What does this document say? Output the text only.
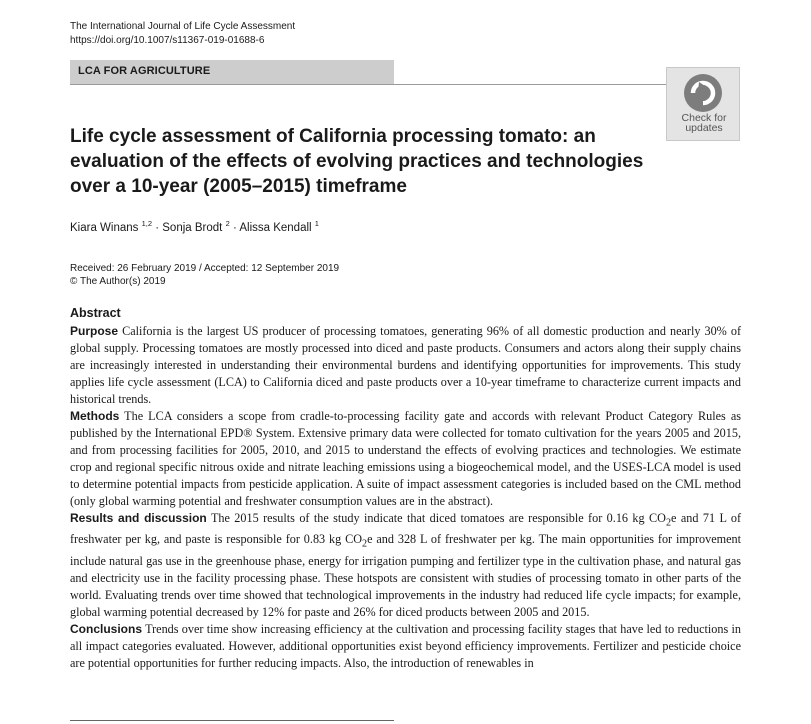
The International Journal of Life Cycle Assessment
https://doi.org/10.1007/s11367-019-01688-6
LCA FOR AGRICULTURE
Check for
updates
Life cycle assessment of California processing tomato: an evaluation of the effects of evolving practices and technologies over a 10-year (2005–2015) timeframe
Kiara Winans $^{1,2}$ · Sonja Brodt $^2$ · Alissa Kendall $^1$
Received: 26 February 2019 / Accepted: 12 September 2019
© The Author(s) 2019
Abstract

Purpose California is the largest US producer of processing tomatoes, generating 96% of all domestic production and nearly 30% of global supply. Processing tomatoes are mostly processed into diced and paste products. Consumers and actors along their supply chains are increasingly interested in understanding their environmental burdens and identifying opportunities for improvements. This study applies life cycle assessment (LCA) to California diced and paste products over a 10-year timeframe to characterize current impacts and historical trends.

Methods The LCA considers a scope from cradle-to-processing facility gate and accords with relevant Product Category Rules as published by the International EPD® System. Extensive primary data were collected for tomato cultivation for the years 2005 and 2015, and from processing facilities for 2005, 2010, and 2015 to understand the effects of evolving practices and technologies. We estimate crop and regional specific nitrous oxide and nitrate leaching emissions using a biogeochemical model, and the USES-LCA model is used to determine potential impacts from pesticide application. A suite of impact assessment categories is included based on the CML method (only global warming potential and freshwater consumption values are in the abstract).

Results and discussion The 2015 results of the study indicate that diced tomatoes are responsible for 0.16 kg $CO_2e$ and 71 L of freshwater per kg, and paste is responsible for 0.83 kg $CO_2e$ and 328 L of freshwater per kg. The main opportunities for improvement include natural gas use in the greenhouse phase, energy for irrigation pumping and fertilizer type in the cultivation phase, and natural gas and electricity use in the facility processing phase. These hotspots are consistent with studies of processing tomato in other parts of the world. Evaluating trends over time showed that technological improvements in the industry had reduced life cycle impacts; for example, global warming potential decreased by 12% for paste and 26% for diced products between 2005 and 2015.

Conclusions Trends over time show increasing efficiency at the cultivation and processing facility stages that have led to reductions in all impact categories evaluated. However, additional opportunities exist beyond efficiency improvements. Fertilizer and pesticide choice are potential opportunities for further reducing impacts. Also, the introduction of renewables in
